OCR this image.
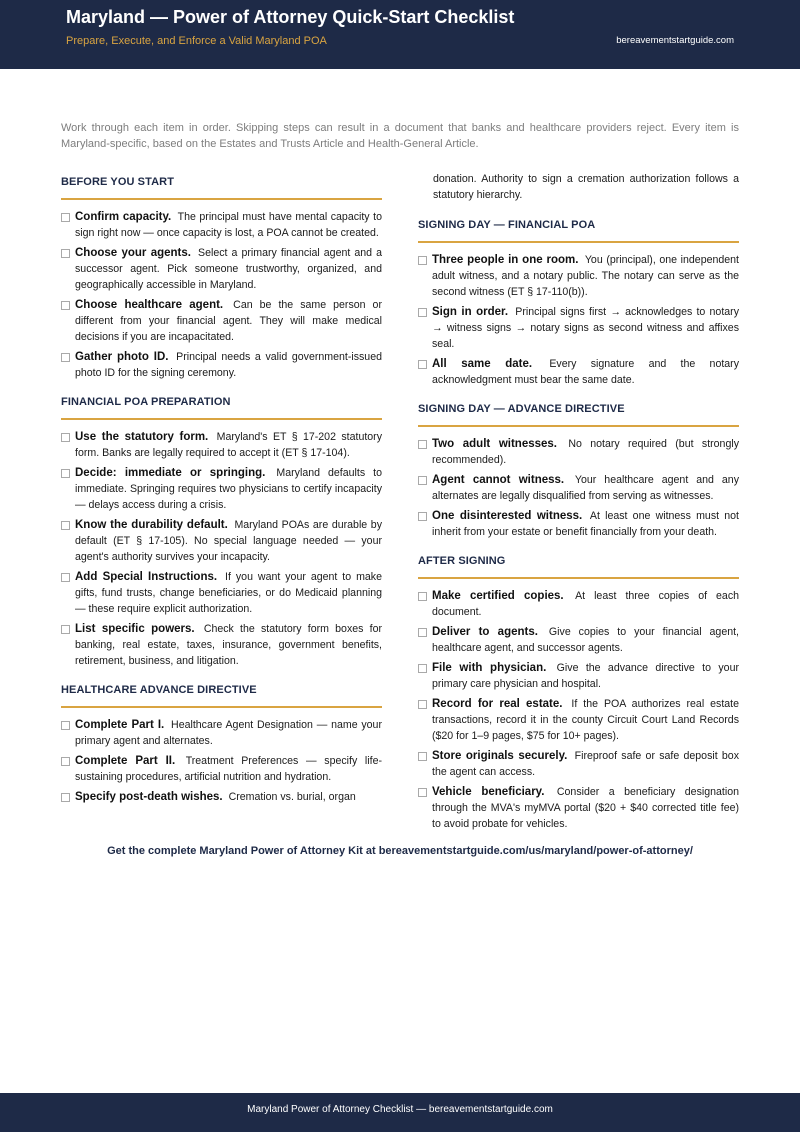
Maryland — Power of Attorney Quick-Start Checklist
Prepare, Execute, and Enforce a Valid Maryland POA	bereavementstartguide.com
Work through each item in order. Skipping steps can result in a document that banks and healthcare providers reject. Every item is Maryland-specific, based on the Estates and Trusts Article and Health-General Article.
BEFORE YOU START
Confirm capacity. The principal must have mental capacity to sign right now — once capacity is lost, a POA cannot be created.
Choose your agents. Select a primary financial agent and a successor agent. Pick someone trustworthy, organized, and geographically accessible in Maryland.
Choose healthcare agent. Can be the same person or different from your financial agent. They will make medical decisions if you are incapacitated.
Gather photo ID. Principal needs a valid government-issued photo ID for the signing ceremony.
FINANCIAL POA PREPARATION
Use the statutory form. Maryland's ET § 17-202 statutory form. Banks are legally required to accept it (ET § 17-104).
Decide: immediate or springing. Maryland defaults to immediate. Springing requires two physicians to certify incapacity — delays access during a crisis.
Know the durability default. Maryland POAs are durable by default (ET § 17-105). No special language needed — your agent's authority survives your incapacity.
Add Special Instructions. If you want your agent to make gifts, fund trusts, change beneficiaries, or do Medicaid planning — these require explicit authorization.
List specific powers. Check the statutory form boxes for banking, real estate, taxes, insurance, government benefits, retirement, business, and litigation.
HEALTHCARE ADVANCE DIRECTIVE
Complete Part I. Healthcare Agent Designation — name your primary agent and alternates.
Complete Part II. Treatment Preferences — specify life-sustaining procedures, artificial nutrition and hydration.
Specify post-death wishes. Cremation vs. burial, organ
donation. Authority to sign a cremation authorization follows a statutory hierarchy.
SIGNING DAY — FINANCIAL POA
Three people in one room. You (principal), one independent adult witness, and a notary public. The notary can serve as the second witness (ET § 17-110(b)).
Sign in order. Principal signs first → acknowledges to notary → witness signs → notary signs as second witness and affixes seal.
All same date. Every signature and the notary acknowledgment must bear the same date.
SIGNING DAY — ADVANCE DIRECTIVE
Two adult witnesses. No notary required (but strongly recommended).
Agent cannot witness. Your healthcare agent and any alternates are legally disqualified from serving as witnesses.
One disinterested witness. At least one witness must not inherit from your estate or benefit financially from your death.
AFTER SIGNING
Make certified copies. At least three copies of each document.
Deliver to agents. Give copies to your financial agent, healthcare agent, and successor agents.
File with physician. Give the advance directive to your primary care physician and hospital.
Record for real estate. If the POA authorizes real estate transactions, record it in the county Circuit Court Land Records ($20 for 1–9 pages, $75 for 10+ pages).
Store originals securely. Fireproof safe or safe deposit box the agent can access.
Vehicle beneficiary. Consider a beneficiary designation through the MVA's myMVA portal ($20 + $40 corrected title fee) to avoid probate for vehicles.
Get the complete Maryland Power of Attorney Kit at bereavementstartguide.com/us/maryland/power-of-attorney/
Maryland Power of Attorney Checklist — bereavementstartguide.com
